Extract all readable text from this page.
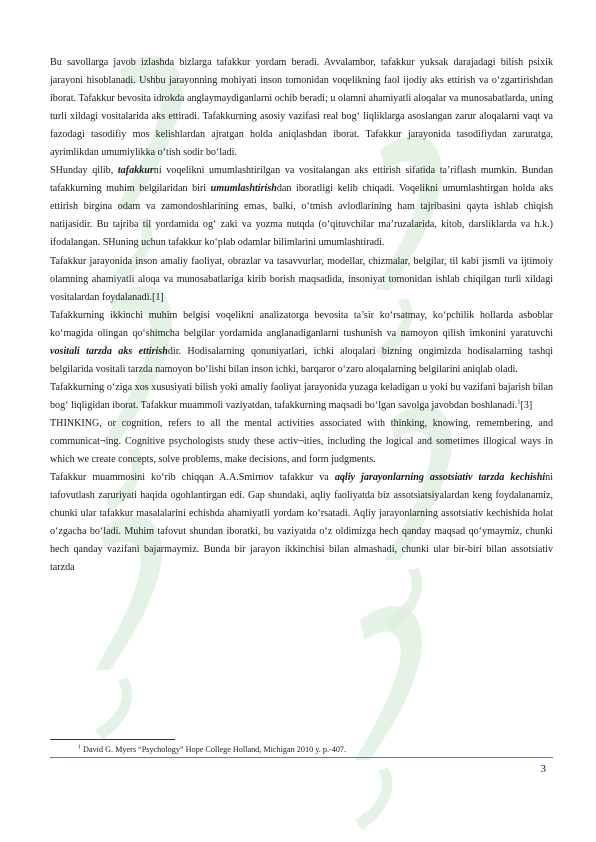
Bu savollarga javob izlashda bizlarga tafakkur yordam beradi. Avvalambor, tafakkur yuksak darajadagi bilish psixik jarayoni hisoblanadi. Ushbu jarayonning mohiyati inson tomonidan voqelikning faol ijodiy aks ettirish va o‘zgartirishdan iborat. Tafakkur bevosita idrokda anglaymaydiganlarni ochib beradi; u olamni ahamiyatli aloqalar va munosabatlarda, uning turli xildagi vositalarida aks ettiradi. Tafakkurning asosiy vazifasi real bog‘ liqliklarga asoslangan zarur aloqalarni vaqt va fazodagi tasodifiy mos kelishlardan ajratgan holda aniqlashdan iborat. Tafakkur jarayonida tasodifiydan zaruratga, ayrimlikdan umumiylikka o‘tish sodir bo‘ladi.

SHunday qilib, tafakkurni voqelikni umumlashtirilgan va vositalangan aks ettirish sifatida ta’riflash mumkin. Bundan tafakkurning muhim belgilaridan biri umumlashtirishdan iboratligi kelib chiqadi. Voqelikni umumlashtirgan holda aks ettirish birgina odam va zamondoshlarining emas, balki, o‘tmish avlodlarining ham tajribasini qayta ishlab chiqish natijasidir. Bu tajriba til yordamida og‘ zaki va yozma nutqda (o‘qituvchilar ma’ruzalarida, kitob, darsliklarda va h.k.) ifodalangan. SHuning uchun tafakkur ko‘plab odamlar bilimlarini umumlashtiradi.

Tafakkur jarayonida inson amaliy faoliyat, obrazlar va tasavvurlar, modellar, chizmalar, belgilar, til kabi jismli va ijtimoiy olamning ahamiyatli aloqa va munosabatlariga kirib borish maqsadida, insoniyat tomonidan ishlab chiqilgan turli xildagi vositalardan foydalanadi.[1]

Tafakkurning ikkinchi muhim belgisi voqelikni analizatorga bevosita ta’sir ko‘rsatmay, ko‘pchilik hollarda asboblar ko‘magida olingan qo‘shimcha belgilar yordamida anglanadiganlarni tushunish va namoyon qilish imkonini yaratuvchi vositali tarzda aks ettirishdir. Hodisalarning qonuniyatlari, ichki aloqalari bizning ongimizda hodisalarning tashqi belgilarida vositali tarzda namoyon bo‘lishi bilan inson ichki, barqaror o‘zaro aloqalarning belgilarini aniqlab oladi.

Tafakkurning o‘ziga xos xususiyati bilish yoki amaliy faoliyat jarayonida yuzaga keladigan u yoki bu vazifani bajarish bilan bog‘ liqligidan iborat. Tafakkur muammoli vaziyatdan, tafakkurning maqsadi bo‘lgan savolga javobdan boshlanadi.$^1$[3]

THINKING, or cognition, refers to all the mental activities associated with thinking, knowing, remembering, and communicat¬ing. Cognitive psychologists study these activ¬ities, including the logical and sometimes illogical ways in which we create concepts, solve problems, make decisions, and form judgments.

Tafakkur muammosini ko‘rib chiqqan A.A.Smirnov tafakkur va aqliy jarayonlarning assotsiativ tarzda kechishini tafovutlash zaruriyati haqida ogohlantirgan edi. Gap shundaki, aqliy faoliyatda biz assotsiatsiyalardan keng foydalanamiz, chunki ular tafakkur masalalarini echishda ahamiyatli yordam ko‘rsatadi. Aqliy jarayonlarning assotsiativ kechishida holat o‘zgacha bo‘ladi. Muhim tafovut shundan iboratki, bu vaziyatda o‘z oldimizga hech qanday maqsad qo‘ymaymiz, chunki hech qanday vazifani bajarmaymiz. Bunda bir jarayon ikkinchisi bilan almashadi, chunki ular bir-biri bilan assotsiativ tarzda

$^1$ David G. Myers “Psychology” Hope College Holland, Michigan 2010 y. p.-407.
3
